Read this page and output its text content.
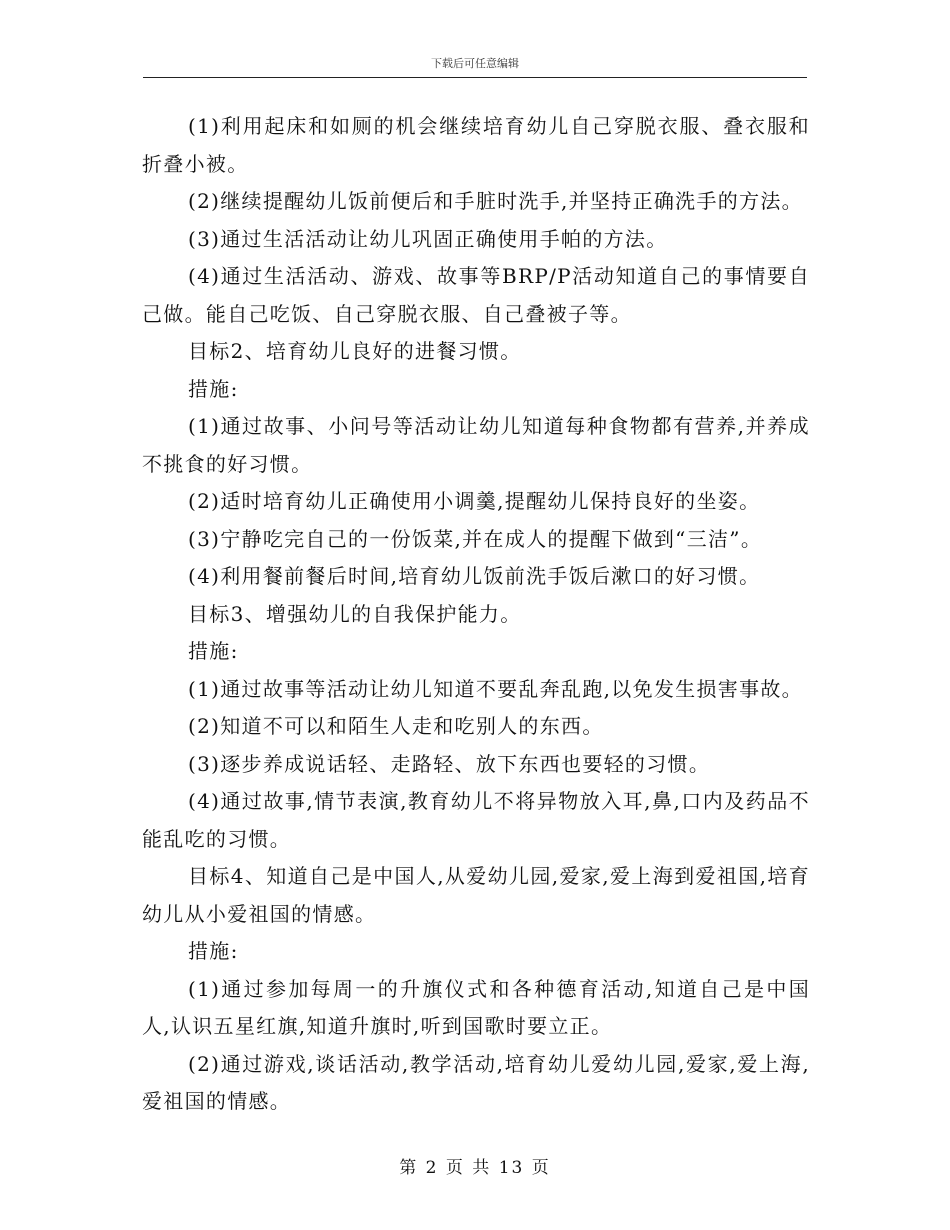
下载后可任意编辑

(1)利用起床和如厕的机会继续培育幼儿自己穿脱衣服、叠衣服和折叠小被。

(2)继续提醒幼儿饭前便后和手脏时洗手,并坚持正确洗手的方法。

(3)通过生活活动让幼儿巩固正确使用手帕的方法。

(4)通过生活活动、游戏、故事等BRP/P活动知道自己的事情要自己做。能自己吃饭、自己穿脱衣服、自己叠被子等。

目标2、培育幼儿良好的进餐习惯。

措施:

(1)通过故事、小问号等活动让幼儿知道每种食物都有营养,并养成不挑食的好习惯。

(2)适时培育幼儿正确使用小调羹,提醒幼儿保持良好的坐姿。

(3)宁静吃完自己的一份饭菜,并在成人的提醒下做到“三洁”。

(4)利用餐前餐后时间,培育幼儿饭前洗手饭后漱口的好习惯。

目标3、增强幼儿的自我保护能力。

措施:

(1)通过故事等活动让幼儿知道不要乱奔乱跑,以免发生损害事故。

(2)知道不可以和陌生人走和吃别人的东西。

(3)逐步养成说话轻、走路轻、放下东西也要轻的习惯。

(4)通过故事,情节表演,教育幼儿不将异物放入耳,鼻,口内及药品不能乱吃的习惯。

目标4、知道自己是中国人,从爱幼儿园,爱家,爱上海到爱祖国,培育幼儿从小爱祖国的情感。

措施:

(1)通过参加每周一的升旗仪式和各种德育活动,知道自己是中国人,认识五星红旗,知道升旗时,听到国歌时要立正。

(2)通过游戏,谈话活动,教学活动,培育幼儿爱幼儿园,爱家,爱上海,爱祖国的情感。

第 2 页 共 13 页
